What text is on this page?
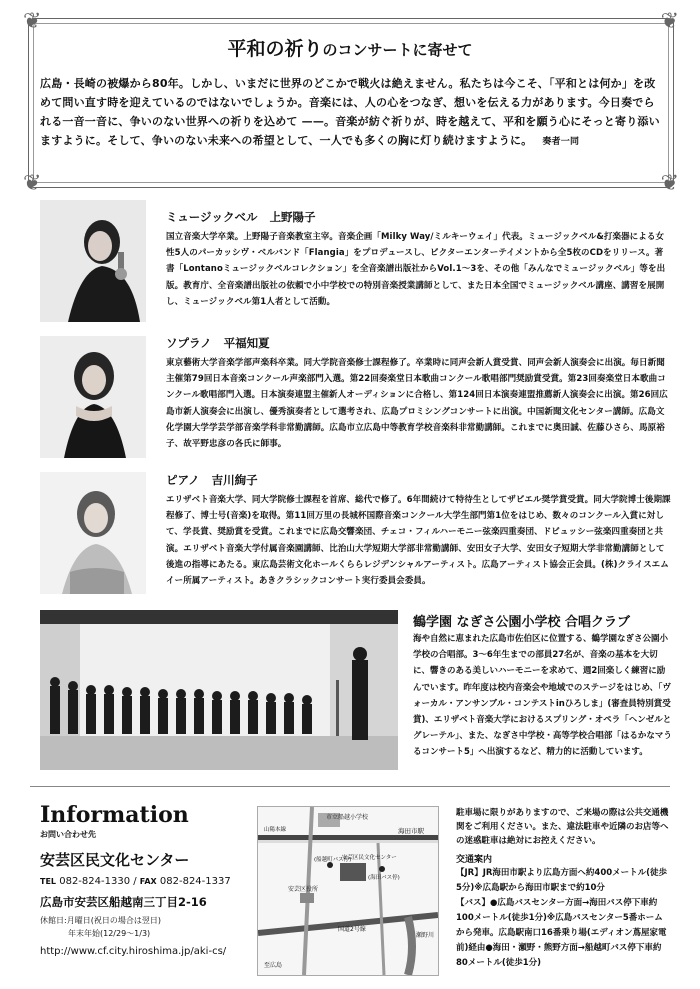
❦	❦
❦	❦
平和の祈りのコンサートに寄せて
広島・長崎の被爆から80年。しかし、いまだに世界のどこかで戦火は絶えません。私たちは今こそ、「平和とは何か」を改めて問い直す時を迎えているのではないでしょうか。音楽には、人の心をつなぎ、想いを伝える力があります。今日奏でられる一音一音に、争いのない世界への祈りを込めて ——。音楽が紡ぐ祈りが、時を越えて、平和を願う心にそっと寄り添いますように。そして、争いのない未来への希望として、一人でも多くの胸に灯り続けますように。 奏者一同
ミュージックベル 上野陽子
国立音楽大学卒業。上野陽子音楽教室主宰。音楽企画「Milky Way/ミルキーウェイ」代表。ミュージックベル&打楽器による女性5人のパーカッシヴ・ベルバンド「Flangia」をプロデュースし、ビクターエンターテイメントから全5枚のCDをリリース。著書「Lontanoミュージックベルコレクション」を全音楽譜出版社からVol.1～3を、その他「みんなでミュージックベル」等を出版。教育庁、全音楽譜出版社の依頼で小中学校での特別音楽授業講師として、また日本全国でミュージックベル講座、講習を展開し、ミュージックベル第1人者として活動。
ソプラノ 平福知夏
東京藝術大学音楽学部声楽科卒業。同大学院音楽修士課程修了。卒業時に同声会新人賞受賞、同声会新人演奏会に出演。毎日新聞主催第79回日本音楽コンクール声楽部門入選。第22回奏楽堂日本歌曲コンクール歌唱部門奨励賞受賞。第23回奏楽堂日本歌曲コンクール歌唱部門入選。日本演奏連盟主催新人オーディションに合格し、第124回日本演奏連盟推薦新人演奏会に出演。第26回広島市新人演奏会に出演し、優秀演奏者として選考され、広島プロミシングコンサートに出演。中国新聞文化センター講師。広島文化学園大学学芸学部音楽学科非常勤講師。広島市立広島中等教育学校音楽科非常勤講師。これまでに奥田誠、佐藤ひさら、馬原裕子、故平野忠彦の各氏に師事。
ピアノ 吉川絢子
エリザベト音楽大学、同大学院修士課程を首席、総代で修了。6年間続けて特待生としてザビエル奨学賞受賞。同大学院博士後期課程修了、博士号(音楽)を取得。第11回万里の長城杯国際音楽コンクール大学生部門第1位をはじめ、数々のコンクール入賞に対して、学長賞、奨励賞を受賞。これまでに広島交響楽団、チェコ・フィルハーモニー弦楽四重奏団、ドビュッシー弦楽四重奏団と共演。エリザベト音楽大学付属音楽園講師、比治山大学短期大学部非常勤講師、安田女子大学、安田女子短期大学非常勤講師として後進の指導にあたる。東広島芸術文化ホールくららレジデンシャルアーティスト。広島アーティスト協会正会員。(株)クライスエムイー所属アーティスト。あきクラシックコンサート実行委員会委員。
鶴学園 なぎさ公園小学校 合唱クラブ
海や自然に恵まれた広島市佐伯区に位置する、鶴学園なぎさ公園小学校の合唱部。3～6年生までの部員27名が、音楽の基本を大切に、響きのある美しいハーモニーを求めて、週2回楽しく練習に励んでいます。昨年度は校内音楽会や地域でのステージをはじめ、「ヴォーカル・アンサンブル・コンテストinひろしま」(審査員特別賞受賞)、エリザベト音楽大学におけるスプリング・オペラ「ヘンゼルとグレーテル」、また、なぎさ中学校・高等学校合唱部「はるかなマうるコンサート5」へ出演するなど、精力的に活動しています。
Information
お問い合わせ先
安芸区民文化センター
TEL 082-824-1330 / FAX 082-824-1337
広島市安芸区船越南三丁目2-16
休館日:月曜日(祝日の場合は翌日)
年末年始(12/29～1/3)
http://www.cf.city.hiroshima.jp/aki-cs/
市立船越小学校
海田市駅
(船越町バス停)
安芸区民文化センター
(海田バス停)
安芸区役所
国道2号線
瀬野川
至広島
山陽本線
駐車場に限りがありますので、ご来場の際は公共交通機関をご利用ください。また、違法駐車や近隣のお店等への迷惑駐車は絶対にお控えください。
交通案内
【JR】JR海田市駅より広島方面へ約400メートル(徒歩5分)※広島駅から海田市駅まで約10分
【バス】●広島バスセンター方面→海田バス停下車約100メートル(徒歩1分)※広島バスセンター5番ホームから発車。広島駅南口16番乗り場(エディオン蔦屋家電前)経由●海田・瀬野・熊野方面→船越町バス停下車約80メートル(徒歩1分)
